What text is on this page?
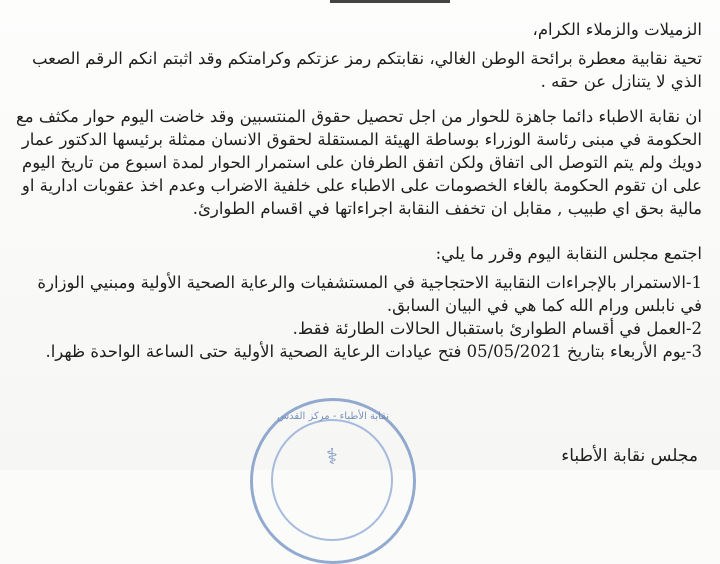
نقابة الأطباء - مركز القدس
⚕

الزميلات والزملاء الكرام،

تحية نقابية معطرة برائحة الوطن الغالي، نقابتكم رمز عزتكم وكرامتكم وقد اثبتم انكم الرقم الصعب الذي لا يتنازل عن حقه .

ان نقابة الاطباء دائما جاهزة للحوار من اجل تحصيل حقوق المنتسبين وقد خاضت اليوم حوار مكثف مع الحكومة في مبنى رئاسة الوزراء بوساطة الهيئة المستقلة لحقوق الانسان ممثلة برئيسها الدكتور عمار دويك ولم يتم التوصل الى اتفاق ولكن اتفق الطرفان على استمرار الحوار لمدة اسبوع من تاريخ اليوم على ان تقوم الحكومة بالغاء الخصومات على الاطباء على خلفية الاضراب وعدم اخذ عقوبات ادارية او مالية بحق اي طبيب , مقابل ان تخفف النقابة اجراءاتها في اقسام الطوارئ.

اجتمع مجلس النقابة اليوم وقرر ما يلي:

1-الاستمرار بالإجراءات النقابية الاحتجاجية في المستشفيات والرعاية الصحية الأولية ومبنيي الوزارة في نابلس ورام الله كما هي في البيان السابق.

2-العمل في أقسام الطوارئ باستقبال الحالات الطارئة فقط.

3-يوم الأربعاء بتاريخ 05/05/2021 فتح عيادات الرعاية الصحية الأولية حتى الساعة الواحدة ظهرا.

مجلس نقابة الأطباء
